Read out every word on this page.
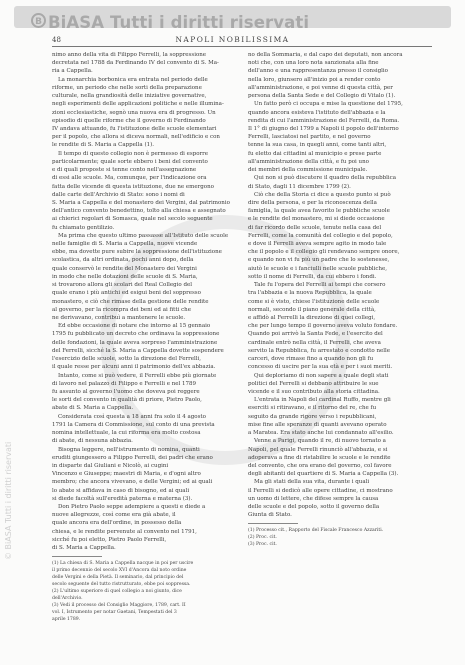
B BiASA Tutti i diritti riservati
48	NAPOLI NOBILISSIMA
nimo anno della vita di Filippo Ferrelli, la soppressione
decretata nel 1788 da Ferdinando IV del convento di S. Ma-
ria a Cappella.
La monarchia borbonica era entrata nel periodo delle
riforme, un periodo che nelle sorti della preparazione
culturale, nella grandiosità delle iniziative governative,
negli esperimenti delle applicazioni politiche e nelle illumina-
zioni ecclesiastiche, segnò una nuova era di progresso. Un
episodio di quelle riforme che il governo di Ferdinando
IV andava attuando, fu l'istituzione delle scuole elementari
per il popolo, che allora si diceva normali, nell'edificio e con
le rendite di S. Maria a Cappella (1).
Il tempo di questo collegio non è permesso di esporre
particolarmente; quale sorte ebbero i beni del convento
e di quali proposte si tenne conto nell'assegnazione
di essi alle scuole. Ma, comunque, per l'indicazione ora
fatta delle vicende di questa istituzione, due ne emergono
dalle carte dell'Archivio di Stato: sono i nomi di
S. Maria a Cappella e del monastero dei Vergini, dal patrimonio
dell'antico convento benedettino, tolto alla chiesa e assegnato
ai chierici regolari di Somasca, quale nel secolo seguente
fu chiamato gentilizio.
Ma prima che questo ultimo passasse all'Istituto delle scuole
nelle famiglie di S. Maria a Cappella, nuove vicende
ebbe, ma dovette pure subire la soppressione dell'istituzione
scolastica, da altri ordinata, pochi anni dopo, della
quale conservò le rendite del Monastero dei Vergini
in modo che nelle dotazioni delle scuole di S. Maria,
si trovarono allora gli scolari del Real Collegio del
quale erano i più antichi ed esigui beni del soppresso
monastero, e ciò che rimase della gestione delle rendite
al governo, per la ricompra dei beni ed ai fitti che
ne derivavano, contribuì a mantenere le scuole.
Ed ebbe occasione di notare che intorno al 15 gennaio
1795 fu pubblicato un decreto che ordinava la soppressione
delle fondazioni, la quale aveva sorpreso l'amministrazione
del Ferrelli, sicché la S. Maria a Cappella dovette sospendere
l'esercizio delle scuole, sotto la direzione del Ferrelli,
il quale resse per alcuni anni il patrimonio dell'ex abbazia.
Intanto, come si può vedere, il Ferrelli ebbe più giornate
di lavoro nel palazzo di Filippo e Ferrelli e nel 1789
fu assunto al governo l'uomo che doveva poi reggere
le sorti del convento in qualità di priore, Pietro Paolo,
abate di S. Maria a Cappella.
Considerata così questa a 18 anni fra solo il 4 agosto
1791 la Camera di Commissione, sul conto di una prevista
nomina intellettuale, la cui riforma era molto costosa
di abate, di nessuna abbazia.
Bisogna leggere, nell'istrumento di nomina, quanti
eruditi giungessero a Filippo Ferrelli, dei padri che erano
in disparte dal Giuliani e Nicolò, ai cugini
Vincenzo e Giuseppe; maestri di Maria, e d'ogni altro
membro; che ancora vivevano, e delle Vergini; ed ai quali
lo abate si affidava in caso di bisogno, ed ai quali
si diede facoltà sull'eredità paterna e materna (3).
Don Pietro Paolo seppe adempiere a questi e diede a
nuove allegrezze, così come era già abate, il
quale ancora era dell'ordine, in possesso della
chiesa, e le rendite pervenute al convento nel 1791,
sicché fu poi eletto, Pietro Paolo Ferrelli,
di S. Maria a Cappella.
(1) La chiesa di S. Maria a Cappella nacque in poi per uscire
il primo decennio del secolo XVI d'Ancora dal noto ordine
delle Vergini e della Pietà. Il seminario, dal principio del
secolo seguente del tutto ristrutturato, ebbe poi soppressa.
(2) L'ultimo superiore di quel collegio a noi giunto, dice
dell'Archivio.
(3) Vedi il processo del Consiglio Maggiore, 1789, cart. II
vol. I, Istrumento per notar Gaetani, Tempestati del 3
aprile 1789.
no della Sommaria, e dal capo dei deputati, non ancora
noti che, con una loro nota sanzionata alla fine
dell'anno e una rappresentanza presso il consiglio
nella loro, giunsero all'inizio poi a render conto
all'amministrazione, e poi venne di questa città, per
persona della Santa Sede e del Collegio di Vitalo (1).
Un fatto però ci occupa e mise la questione del 1795,
quando ancora esisteva l'istituto dell'abbazia e la
rendita di cui l'amministrazione del Ferrelli, da Roma.
Il 1° di giugno del 1799 a Napoli il popolo dell'interno
Ferrelli, lasciatosi nel partito, e nel governo
tenne la sua casa, in quegli anni, come tanti altri,
fu eletto dai cittadini al municipio e prese parte
all'amministrazione della città, e fu poi uno
dei membri della commissione municipale.
Qui non si può discutere il quadro della repubblica
di Stato, dagli 11 dicembre 1799 (2).
Ciò che della Storia ci dice a questo punto si può
dire della persona, e per la riconoscenza della
famiglia, la quale avea favorito le pubbliche scuole
e le rendite del monastero, mi si diede occasione
di far ricordo delle scuole, tenute nella casa del
Ferrelli, come la comunità del collegio e del popolo,
e dove il Ferrelli aveva sempre agito in modo tale
che il popolo e il collegio gli rendevano sempre onore,
e quando non vi fu più un padre che lo sostenesse,
aiutò le scuole e i fanciulli nelle scuole pubbliche,
sotto il nome di Ferrelli, da cui ebbero i fondi.
Tale fu l'opera del Ferrelli ai tempi che corsero
tra l'abbazia e la nuova Repubblica, la quale
come si è visto, chiese l'istituzione delle scuole
normali, secondo il piano generale della città,
e affidò al Ferrelli la direzione di quei collegi,
che per lungo tempo il governo aveva voluto fondare.
Quando poi arrivò la Santa Fede, e l'esercito del
cardinale entrò nella città, il Ferrelli, che aveva
servito la Repubblica, fu arrestato e condotto nelle
carceri, dove rimase fino a quando non gli fu
concesso di uscire per la sua età e per i suoi meriti.
Qui deploriamo di non sapere a quale degli stati
politici del Ferrelli si debbano attribuire le sue
vicende e il suo contributo alla storia cittadina.
L'entrata in Napoli del cardinal Ruffo, mentre gli
eserciti si ritiravano, e il ritorno del re, che fu
seguito da grande rigore verso i repubblicani,
mise fine alle speranze di quanti avevano operato
a Maratea. Era stato anche lui condannato all'esilio.
Venne a Parigi, quando il re, di nuovo tornato a
Napoli, pel quale Ferrelli rinunciò all'abbazia, e si
adoperava a fine di ristabilire le scuole e le rendite
del convento, che ora erano del governo, col favore
degli abitanti del quartiere di S. Maria a Cappella (3).
Ma gli stati della sua vita, durante i quali
il Ferrelli si dedicò alle opere cittadine, ci mostrano
un uomo di lettere, che difese sempre la causa
delle scuole e del popolo, sotto il governo della
Giunta di Stato.
(1) Processo cit., Rapporto del Fiscale Francesco Azzariti.
(2) Proc. cit.
(3) Proc. cit.
© BiASA Tutti i diritti riservati
